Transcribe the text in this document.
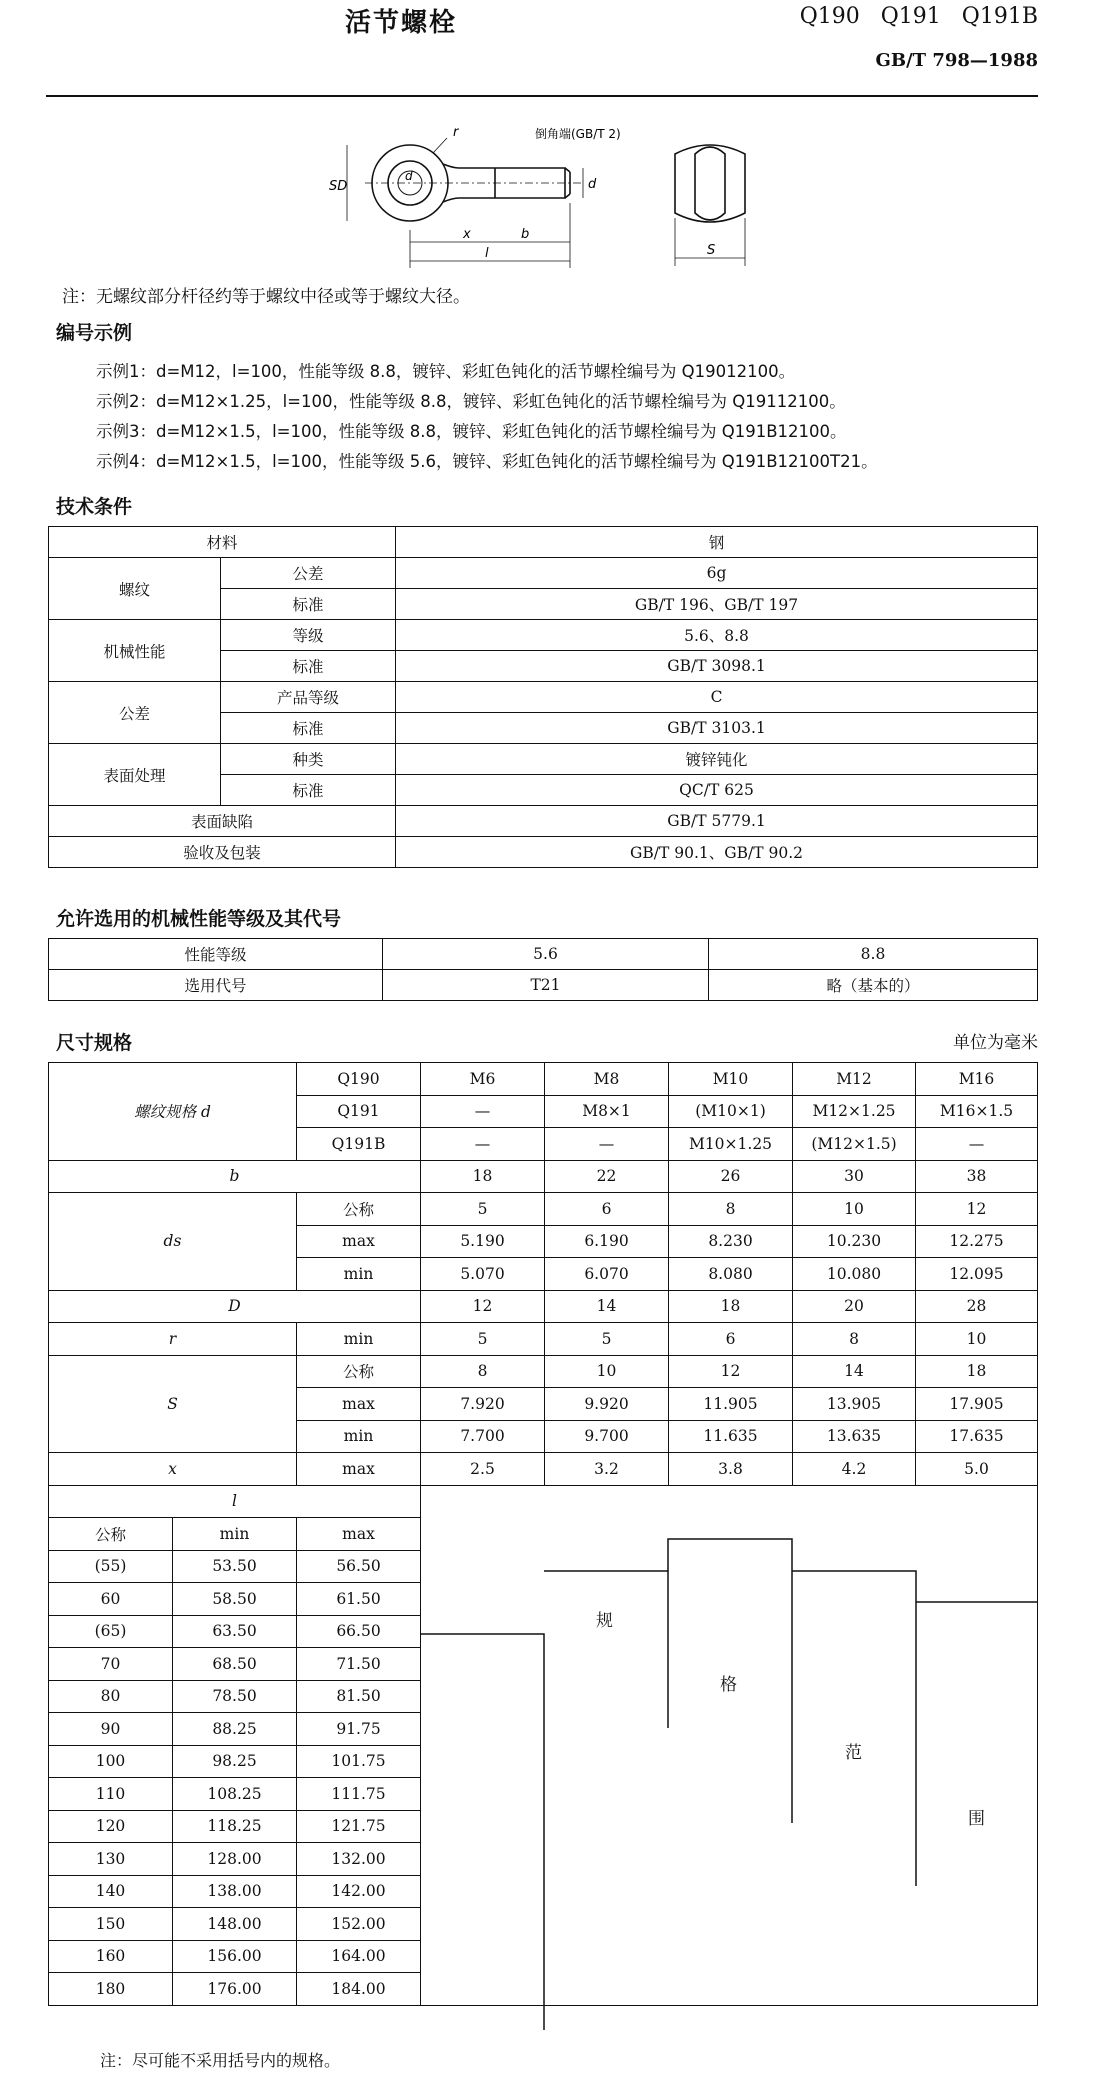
活节螺栓	Q190 Q191 Q191B
GB/T 798—1988
r
SD
d
倒角端(GB/T 2)
d
x	b
l	S
注：无螺纹部分杆径约等于螺纹中径或等于螺纹大径。
编号示例
示例1：d=M12，l=100，性能等级 8.8，镀锌、彩虹色钝化的活节螺栓编号为 Q19012100。
示例2：d=M12×1.25，l=100，性能等级 8.8，镀锌、彩虹色钝化的活节螺栓编号为 Q19112100。
示例3：d=M12×1.5，l=100，性能等级 8.8，镀锌、彩虹色钝化的活节螺栓编号为 Q191B12100。
示例4：d=M12×1.5，l=100，性能等级 5.6，镀锌、彩虹色钝化的活节螺栓编号为 Q191B12100T21。
技术条件
材料		钢
螺纹	公差	6g
	标准	GB/T 196、GB/T 197
机械性能	等级	5.6、8.8
	标准	GB/T 3098.1
公差	产品等级	C
	标准	GB/T 3103.1
表面处理	种类	镀锌钝化
	标准	QC/T 625
表面缺陷		GB/T 5779.1
验收及包装		GB/T 90.1、GB/T 90.2
允许选用的机械性能等级及其代号
性能等级	5.6	8.8
选用代号	T21	略（基本的）
尺寸规格	单位为毫米
螺纹规格 d		Q190	M6	M8	M10	M12	M16
		Q191	—	M8×1	(M10×1)	M12×1.25	M16×1.5
		Q191B	—	—	M10×1.25	(M12×1.5)	—
b			18	22	26	30	38
ds		公称	5	6	8	10	12
		max	5.190	6.190	8.230	10.230	12.275
		min	5.070	6.070	8.080	10.080	12.095
D			12	14	18	20	28
r		min	5	5	6	8	10
S		公称	8	10	12	14	18
		max	7.920	9.920	11.905	13.905	17.905
		min	7.700	9.700	11.635	13.635	17.635
x		max	2.5	3.2	3.8	4.2	5.0
l							
公称	min	max					
(55)	53.50	56.50					
60	58.50	61.50					
(65)	63.50	66.50					
70	68.50	71.50					
80	78.50	81.50					
90	88.25	91.75					
100	98.25	101.75					
110	108.25	111.75					
120	118.25	121.75					
130	128.00	132.00					
140	138.00	142.00					
150	148.00	152.00					
160	156.00	164.00					
180	176.00	184.00					
规
格
范
围
注：尽可能不采用括号内的规格。
